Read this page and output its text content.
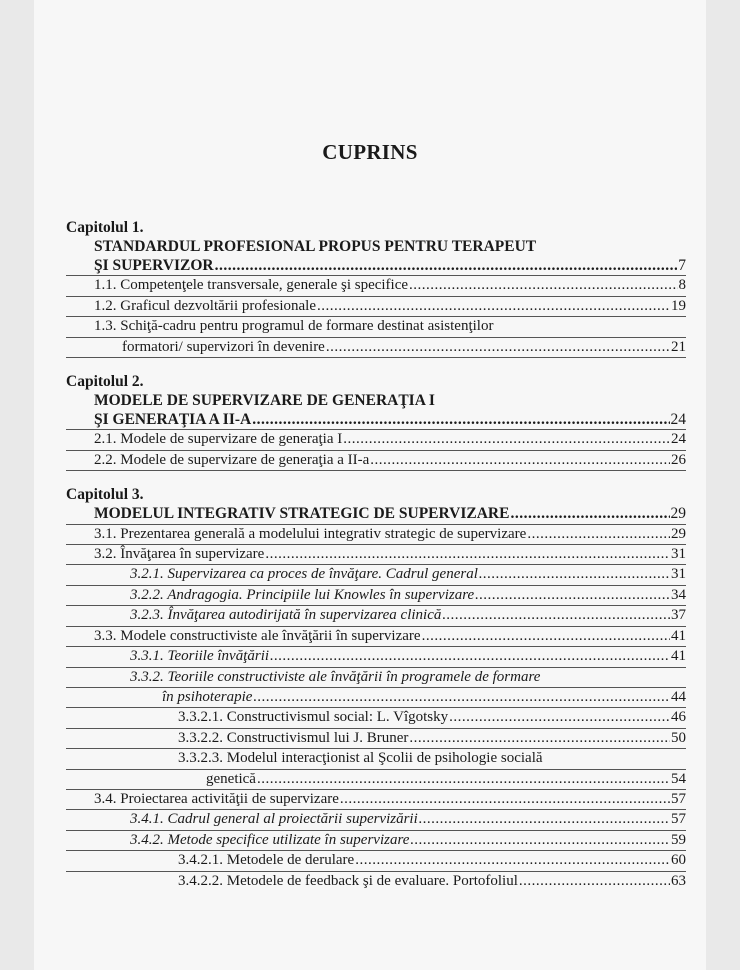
CUPRINS
Capitolul 1.
STANDARDUL PROFESIONAL PROPUS PENTRU TERAPEUT
ŞI SUPERVIZOR .....	7
1.1. Competenţele transversale, generale şi specifice .....	8
1.2. Graficul dezvoltării profesionale .....	19
1.3. Schiţă-cadru pentru programul de formare destinat asistenţilor
formatori/ supervizori în devenire .....	21
Capitolul 2.
MODELE DE SUPERVIZARE DE GENERAŢIA I
ŞI GENERAŢIA A II-A .....	24
2.1. Modele de supervizare de generaţia I .....	24
2.2. Modele de supervizare de generaţia a II-a .....	26
Capitolul 3.
MODELUL INTEGRATIV STRATEGIC DE SUPERVIZARE .....	29
3.1. Prezentarea generală a modelului integrativ strategic de supervizare .....	29
3.2. Învăţarea în supervizare .....	31
3.2.1. Supervizarea ca proces de învăţare. Cadrul general .....	31
3.2.2. Andragogia. Principiile lui Knowles în supervizare .....	34
3.2.3. Învăţarea autodirijată în supervizarea clinică .....	37
3.3. Modele constructiviste ale învăţării în supervizare .....	41
3.3.1. Teoriile învăţării .....	41
3.3.2. Teoriile constructiviste ale învăţării în programele de formare
în psihoterapie .....	44
3.3.2.1. Constructivismul social: L. Vîgotsky .....	46
3.3.2.2. Constructivismul lui J. Bruner .....	50
3.3.2.3. Modelul interacţionist al Şcolii de psihologie socială
genetică .....	54
3.4. Proiectarea activităţii de supervizare .....	57
3.4.1. Cadrul general al proiectării supervizării .....	57
3.4.2. Metode specifice utilizate în supervizare .....	59
3.4.2.1. Metodele de derulare .....	60
3.4.2.2. Metodele de feedback şi de evaluare. Portofoliul .....	63
